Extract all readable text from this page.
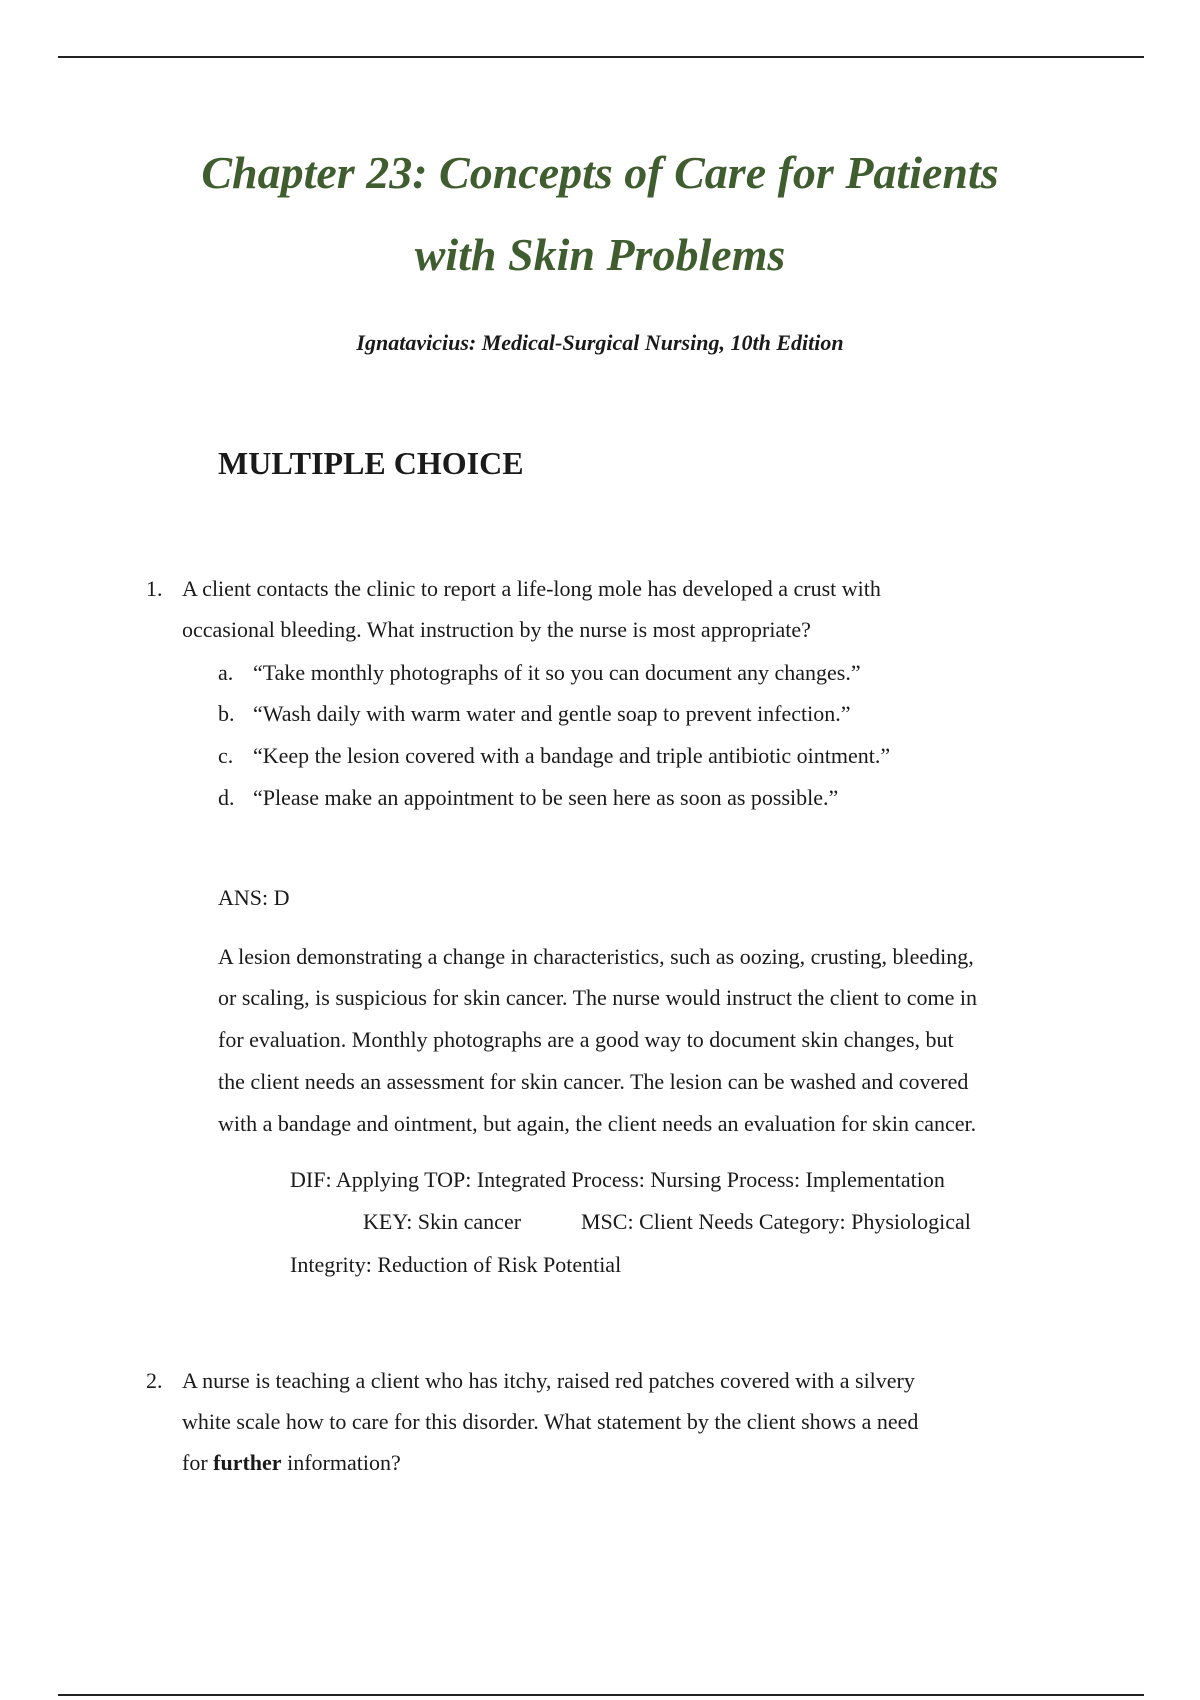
Chapter 23: Concepts of Care for Patients
with Skin Problems

Ignatavicius: Medical-Surgical Nursing, 10th Edition

MULTIPLE CHOICE
1. A client contacts the clinic to report a life-long mole has developed a crust with
occasional bleeding. What instruction by the nurse is most appropriate?
a. “Take monthly photographs of it so you can document any changes.”
b. “Wash daily with warm water and gentle soap to prevent infection.”
c. “Keep the lesion covered with a bandage and triple antibiotic ointment.”
d. “Please make an appointment to be seen here as soon as possible.”
ANS: D
A lesion demonstrating a change in characteristics, such as oozing, crusting, bleeding,
or scaling, is suspicious for skin cancer. The nurse would instruct the client to come in
for evaluation. Monthly photographs are a good way to document skin changes, but
the client needs an assessment for skin cancer. The lesion can be washed and covered
with a bandage and ointment, but again, the client needs an evaluation for skin cancer.
DIF: Applying TOP: Integrated Process: Nursing Process: Implementation
KEY: Skin cancer	MSC: Client Needs Category: Physiological
Integrity: Reduction of Risk Potential
2. A nurse is teaching a client who has itchy, raised red patches covered with a silvery
white scale how to care for this disorder. What statement by the client shows a need
for further information?
